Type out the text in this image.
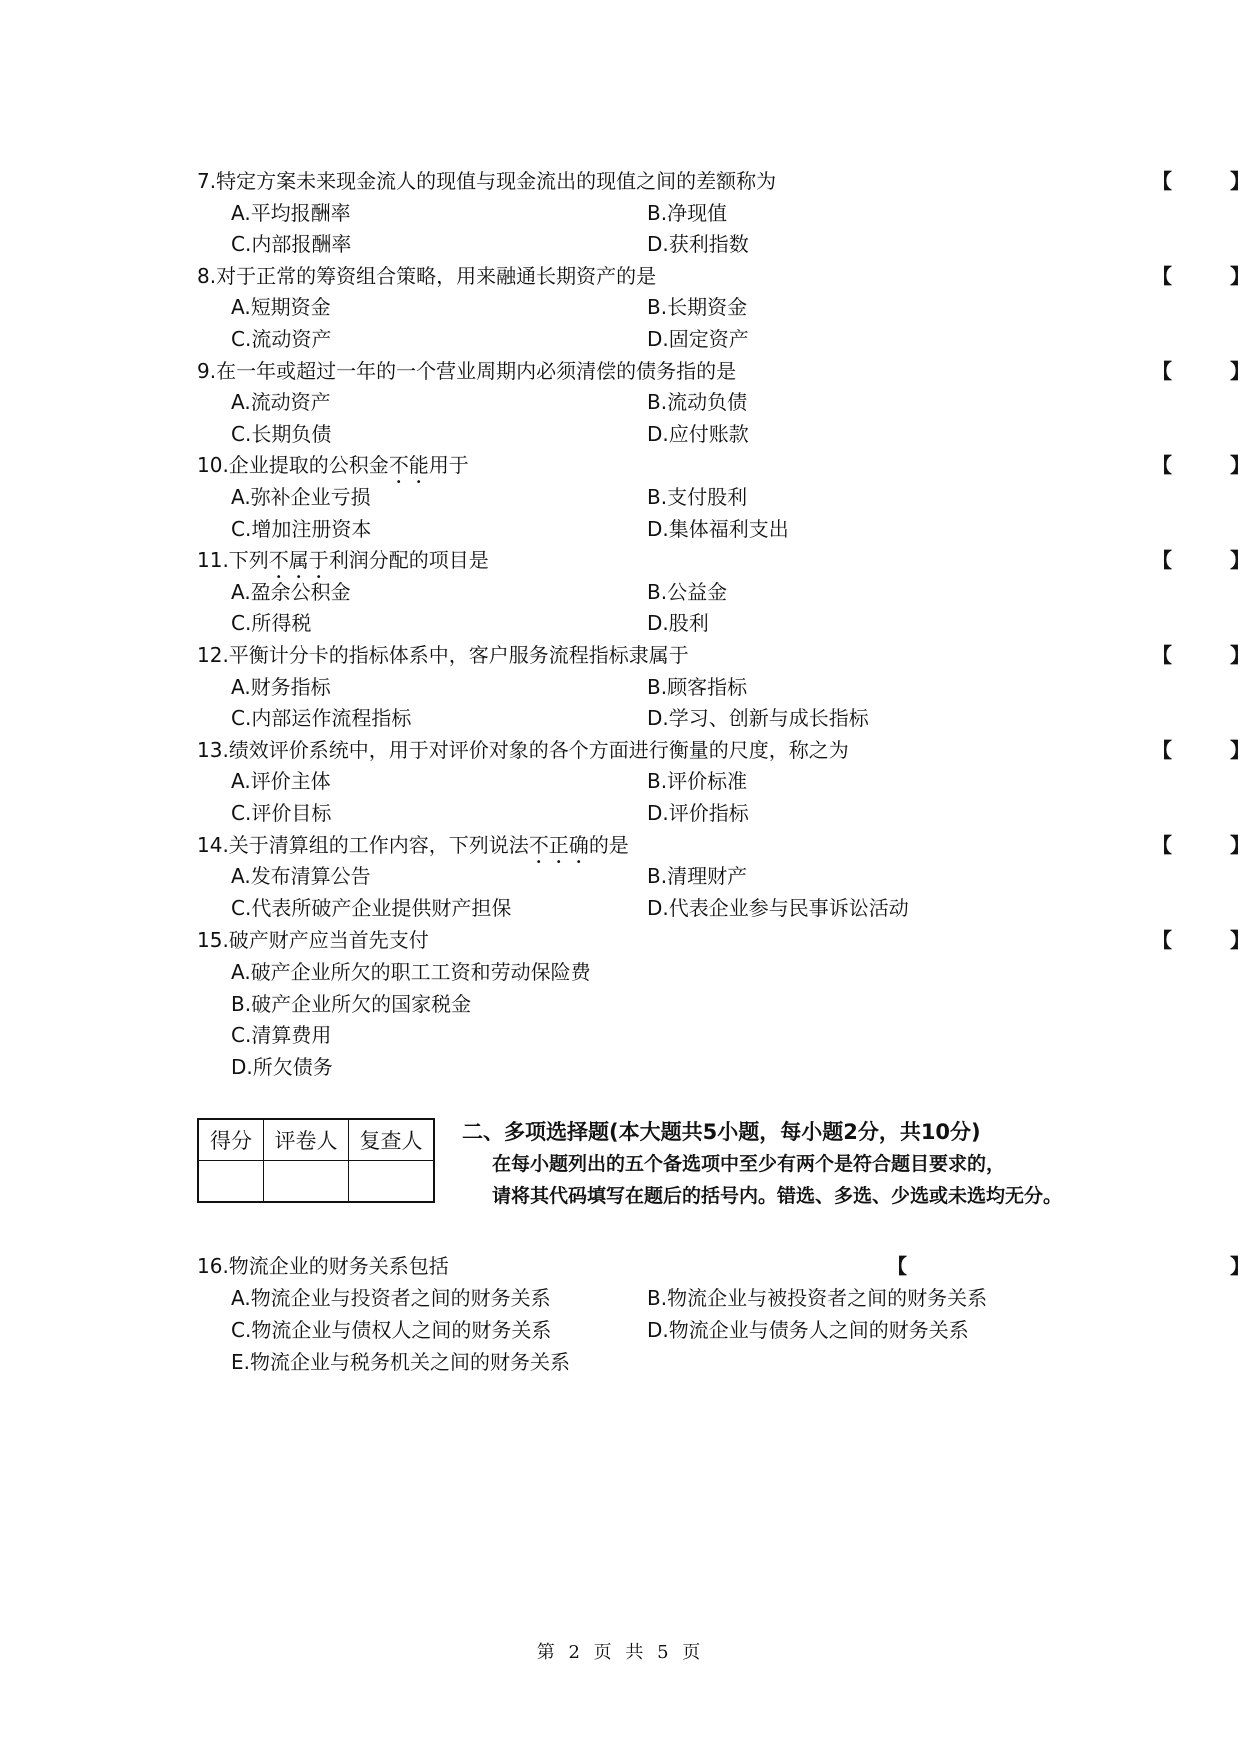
7.特定方案未来现金流人的现值与现金流出的现值之间的差额称为	【	】
A.平均报酬率	B.净现值
C.内部报酬率	D.获利指数
8.对于正常的筹资组合策略，用来融通长期资产的是	【	】
A.短期资金	B.长期资金
C.流动资产	D.固定资产
9.在一年或超过一年的一个营业周期内必须清偿的债务指的是	【	】
A.流动资产	B.流动负债
C.长期负债	D.应付账款
10.企业提取的公积金不能用于	【	】
A.弥补企业亏损	B.支付股利
C.增加注册资本	D.集体福利支出
11.下列不属于利润分配的项目是	【	】
A.盈余公积金	B.公益金
C.所得税	D.股利
12.平衡计分卡的指标体系中，客户服务流程指标隶属于	【	】
A.财务指标	B.顾客指标
C.内部运作流程指标	D.学习、创新与成长指标
13.绩效评价系统中，用于对评价对象的各个方面进行衡量的尺度，称之为	【	】
A.评价主体	B.评价标准
C.评价目标	D.评价指标
14.关于清算组的工作内容，下列说法不正确的是	【	】
A.发布清算公告	B.清理财产
C.代表所破产企业提供财产担保	D.代表企业参与民事诉讼活动
15.破产财产应当首先支付	【	】
A.破产企业所欠的职工工资和劳动保险费
B.破产企业所欠的国家税金
C.清算费用
D.所欠债务
得分	评卷人	复查人
		二、多项选择题(本大题共5小题，每小题2分，共10分)
在每小题列出的五个备选项中至少有两个是符合题目要求的，
请将其代码填写在题后的括号内。错选、多选、少选或未选均无分。
16.物流企业的财务关系包括	【	】
A.物流企业与投资者之间的财务关系	B.物流企业与被投资者之间的财务关系
C.物流企业与债权人之间的财务关系	D.物流企业与债务人之间的财务关系
E.物流企业与税务机关之间的财务关系
第 2 页 共 5 页
